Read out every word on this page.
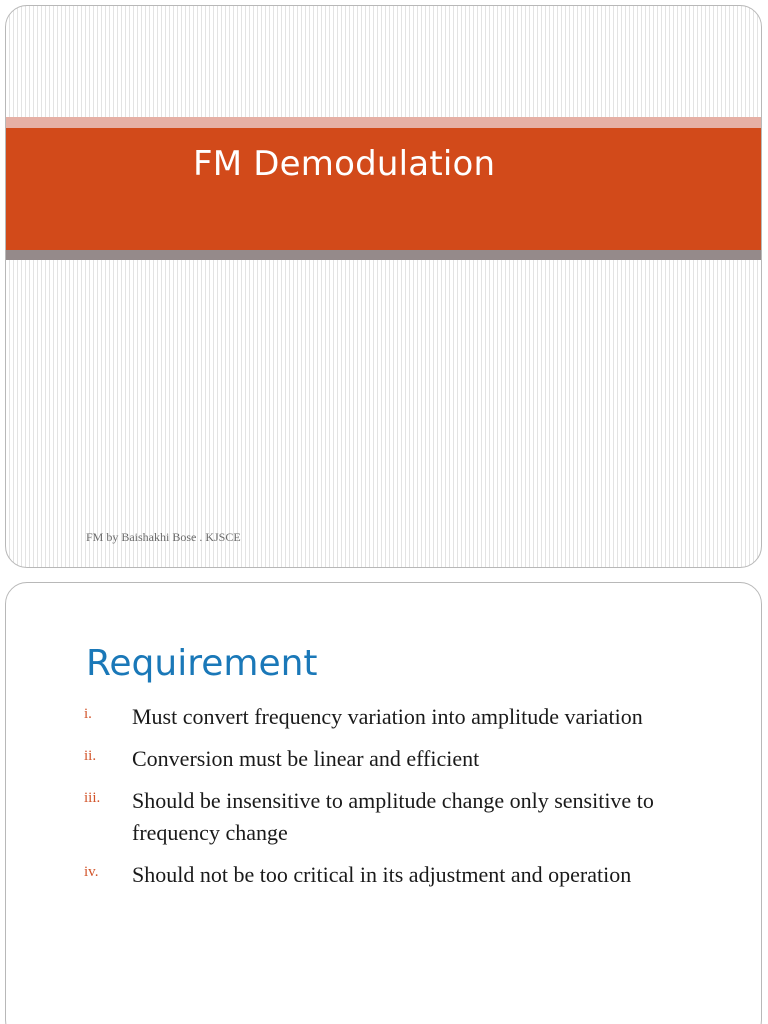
FM Demodulation
FM by Baishakhi Bose . KJSCE
Requirement
i.	Must convert frequency variation into amplitude variation
ii.	Conversion must be linear and efficient
iii.	Should be insensitive to amplitude change only sensitive to frequency change
iv.	Should not be too critical in its adjustment and operation
